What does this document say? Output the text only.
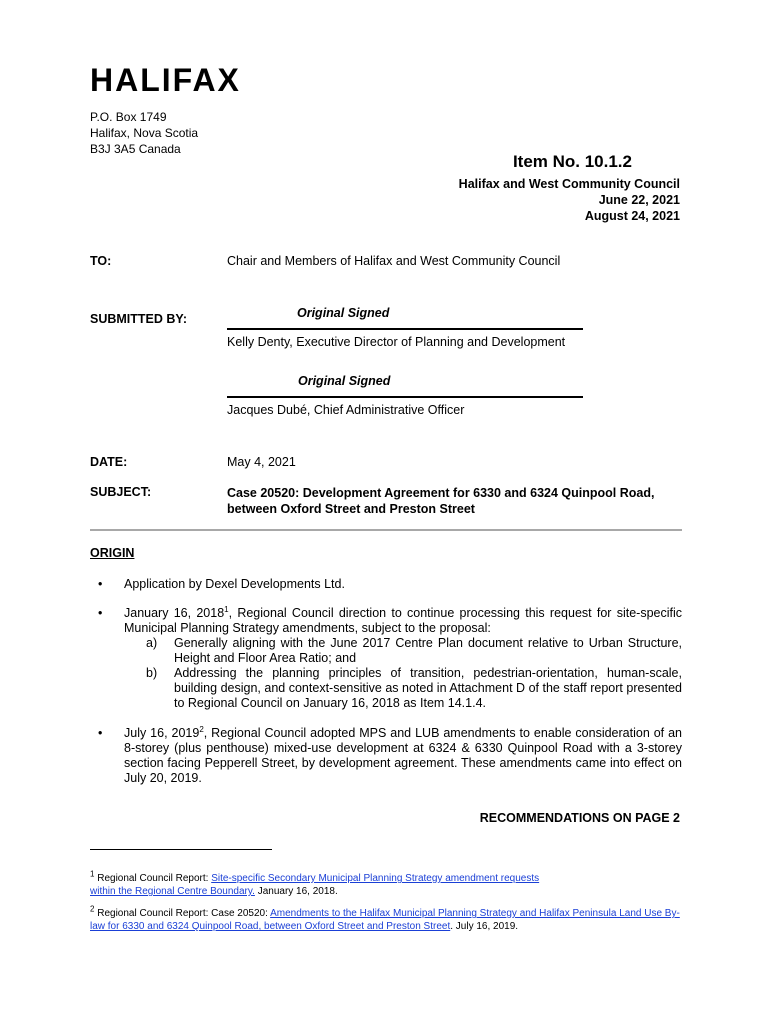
HALIFAX
P.O. Box 1749
Halifax, Nova Scotia
B3J 3A5 Canada
Item No. 10.1.2
Halifax and West Community Council
June 22, 2021
August 24, 2021
TO:	Chair and Members of Halifax and West Community Council
SUBMITTED BY:	Original Signed
Kelly Denty, Executive Director of Planning and Development
Original Signed
Jacques Dubé, Chief Administrative Officer
DATE:	May 4, 2021
SUBJECT:	Case 20520: Development Agreement for 6330 and 6324 Quinpool Road,
between Oxford Street and Preston Street
ORIGIN
• Application by Dexel Developments Ltd.
• January 16, 2018$^1$, Regional Council direction to continue processing this request for site-specific Municipal Planning Strategy amendments, subject to the proposal:
a) Generally aligning with the June 2017 Centre Plan document relative to Urban Structure, Height and Floor Area Ratio; and
b) Addressing the planning principles of transition, pedestrian-orientation, human-scale, building design, and context-sensitive as noted in Attachment D of the staff report presented to Regional Council on January 16, 2018 as Item 14.1.4.
• July 16, 2019$^2$, Regional Council adopted MPS and LUB amendments to enable consideration of an 8-storey (plus penthouse) mixed-use development at 6324 & 6330 Quinpool Road with a 3-storey section facing Pepperell Street, by development agreement. These amendments came into effect on July 20, 2019.
RECOMMENDATIONS ON PAGE 2
$^1$ Regional Council Report: Site-specific Secondary Municipal Planning Strategy amendment requests within the Regional Centre Boundary. January 16, 2018.
$^2$ Regional Council Report: Case 20520: Amendments to the Halifax Municipal Planning Strategy and Halifax Peninsula Land Use By-law for 6330 and 6324 Quinpool Road, between Oxford Street and Preston Street. July 16, 2019.
